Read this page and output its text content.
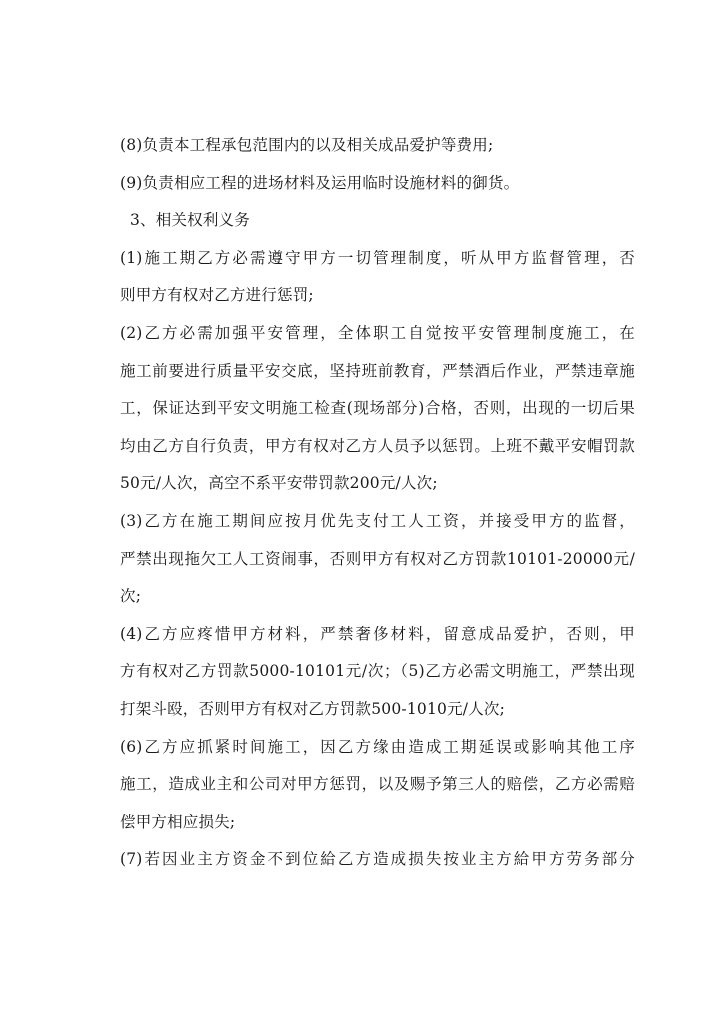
(8)负责本工程承包范围内的以及相关成品爱护等费用;
(9)负责相应工程的进场材料及运用临时设施材料的御货。
3、相关权利义务
(1)施工期乙方必需遵守甲方一切管理制度，听从甲方监督管理，否
则甲方有权对乙方进行惩罚;
(2)乙方必需加强平安管理，全体职工自觉按平安管理制度施工，在
施工前要进行质量平安交底，坚持班前教育，严禁酒后作业，严禁违章施
工，保证达到平安文明施工检查(现场部分)合格，否则，出现的一切后果
均由乙方自行负责，甲方有权对乙方人员予以惩罚。上班不戴平安帽罚款
50元/人次，高空不系平安带罚款200元/人次;
(3)乙方在施工期间应按月优先支付工人工资，并接受甲方的监督，
严禁出现拖欠工人工资闹事，否则甲方有权对乙方罚款10101-20000元/
次;
(4)乙方应疼惜甲方材料，严禁奢侈材料，留意成品爱护，否则，甲
方有权对乙方罚款5000-10101元/次；（5)乙方必需文明施工，严禁出现
打架斗殴，否则甲方有权对乙方罚款500-1010元/人次;
(6)乙方应抓紧时间施工，因乙方缘由造成工期延误或影响其他工序
施工，造成业主和公司对甲方惩罚，以及赐予第三人的赔偿，乙方必需赔
偿甲方相应损失;
(7)若因业主方资金不到位給乙方造成损失按业主方給甲方劳务部分
